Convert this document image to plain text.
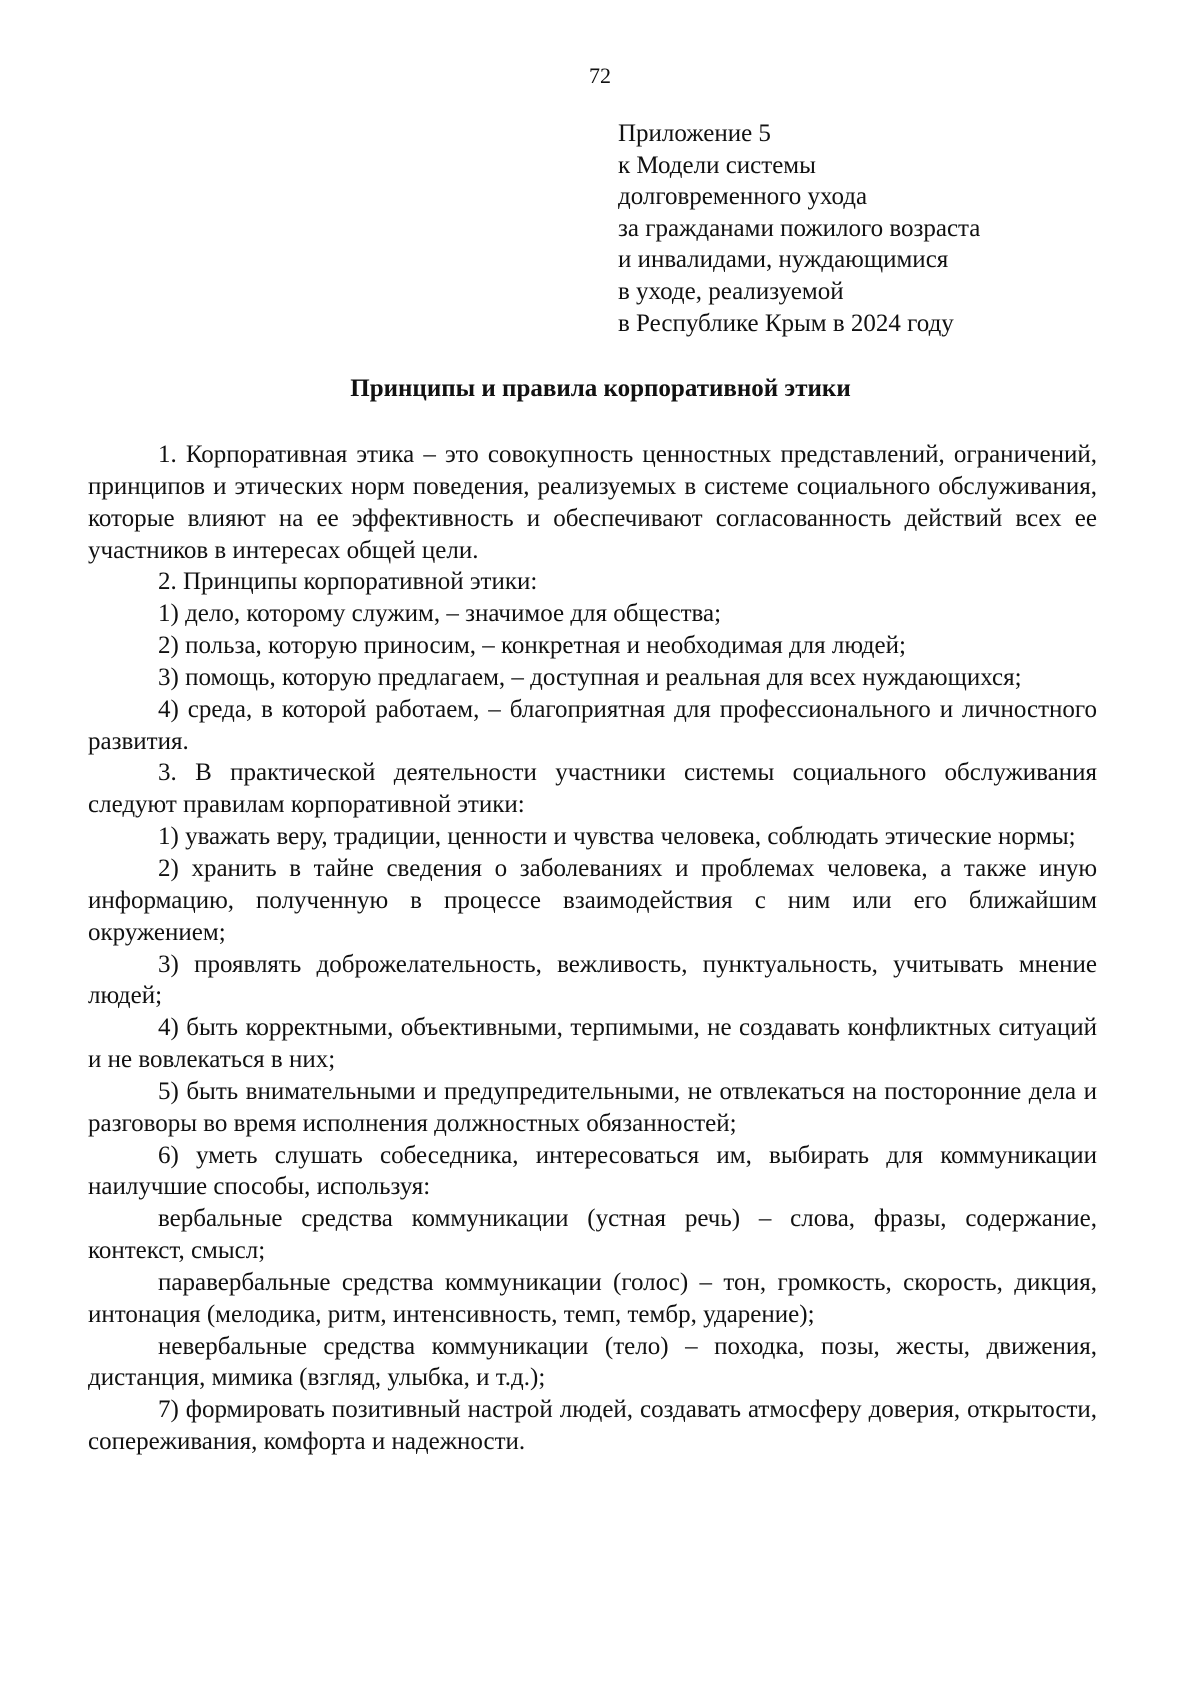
72
Приложение 5
к Модели системы
долговременного ухода
за гражданами пожилого возраста
и инвалидами, нуждающимися
в уходе, реализуемой
в Республике Крым в 2024 году
Принципы и правила корпоративной этики

1. Корпоративная этика – это совокупность ценностных представлений, ограничений, принципов и этических норм поведения, реализуемых в системе социального обслуживания, которые влияют на ее эффективность и обеспечивают согласованность действий всех ее участников в интересах общей цели.

2. Принципы корпоративной этики:

1) дело, которому служим, – значимое для общества;

2) польза, которую приносим, – конкретная и необходимая для людей;

3) помощь, которую предлагаем, – доступная и реальная для всех нуждающихся;

4) среда, в которой работаем, – благоприятная для профессионального и личностного развития.

3. В практической деятельности участники системы социального обслуживания следуют правилам корпоративной этики:

1) уважать веру, традиции, ценности и чувства человека, соблюдать этические нормы;

2) хранить в тайне сведения о заболеваниях и проблемах человека, а также иную информацию, полученную в процессе взаимодействия с ним или его ближайшим окружением;

3) проявлять доброжелательность, вежливость, пунктуальность, учитывать мнение людей;

4) быть корректными, объективными, терпимыми, не создавать конфликтных ситуаций и не вовлекаться в них;

5) быть внимательными и предупредительными, не отвлекаться на посторонние дела и разговоры во время исполнения должностных обязанностей;

6) уметь слушать собеседника, интересоваться им, выбирать для коммуникации наилучшие способы, используя:

вербальные средства коммуникации (устная речь) – слова, фразы, содержание, контекст, смысл;

паравербальные средства коммуникации (голос) – тон, громкость, скорость, дикция, интонация (мелодика, ритм, интенсивность, темп, тембр, ударение);

невербальные средства коммуникации (тело) – походка, позы, жесты, движения, дистанция, мимика (взгляд, улыбка, и т.д.);

7) формировать позитивный настрой людей, создавать атмосферу доверия, открытости, сопереживания, комфорта и надежности.
